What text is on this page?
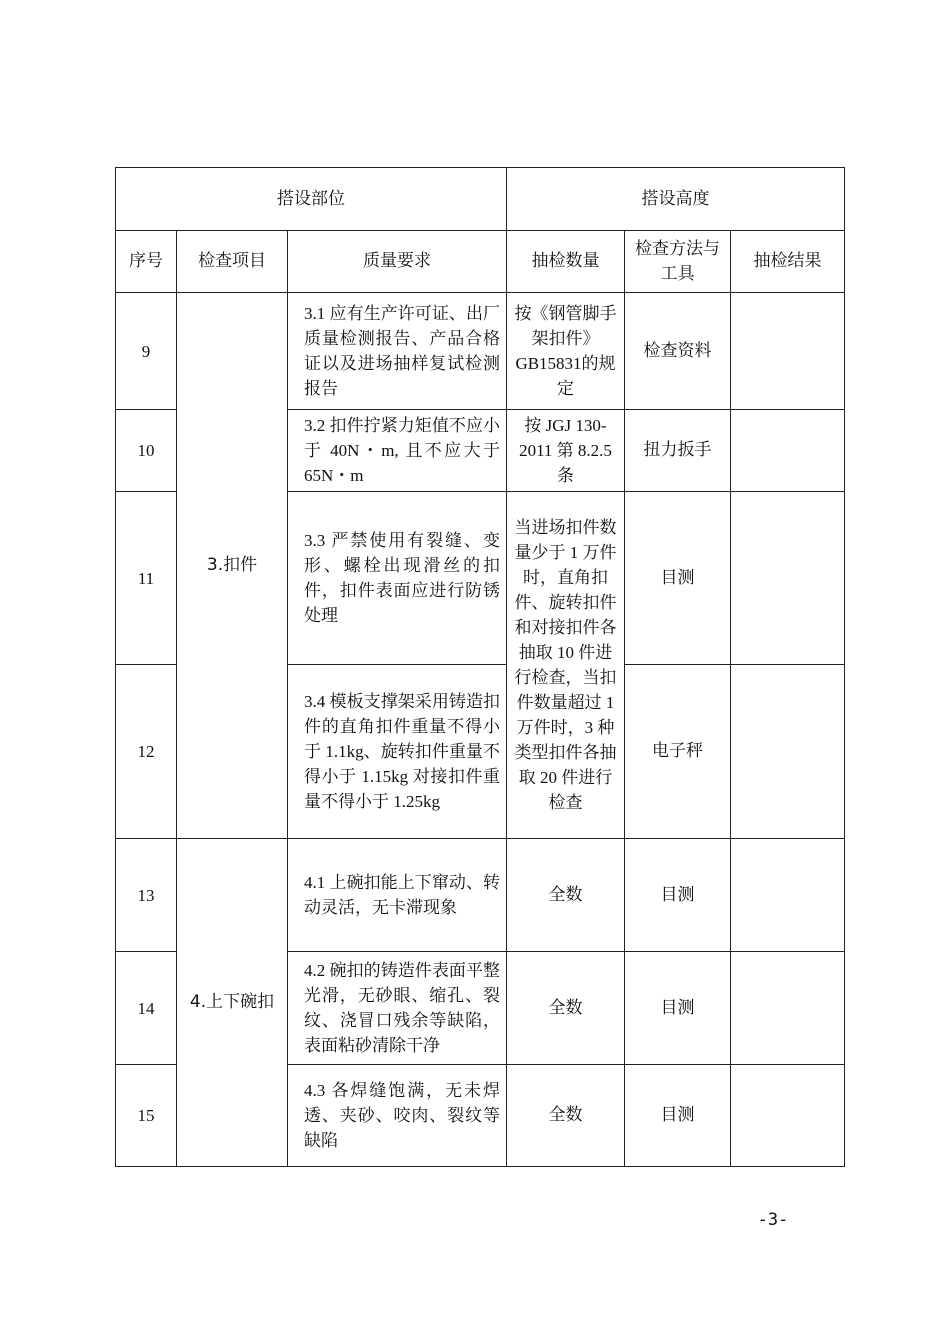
搭设部位			搭设高度		
序号	检查项目	质量要求	抽检数量	检查方法与工具	抽检结果
9	3.扣件	3.1 应有生产许可证、出厂质量检测报告、产品合格证以及进场抽样复试检测报告	按《钢管脚手架扣件》GB15831的规定	检查资料	
10		3.2 扣件拧紧力矩值不应小于 40N・m, 且不应大于 65N・m	按 JGJ 130-2011 第 8.2.5 条	扭力扳手	
11		3.3 严禁使用有裂缝、变形、螺栓出现滑丝的扣件，扣件表面应进行防锈处理	当进场扣件数量少于 1 万件时，直角扣件、旋转扣件和对接扣件各抽取 10 件进行检查，当扣件数量超过 1 万件时，3 种类型扣件各抽取 20 件进行检查	目测	
12		3.4 模板支撑架采用铸造扣件的直角扣件重量不得小于 1.1kg、旋转扣件重量不得小于 1.15kg 对接扣件重量不得小于 1.25kg		电子秤	
13	4.上下碗扣	4.1 上碗扣能上下窜动、转动灵活，无卡滞现象	全数	目测	
14		4.2 碗扣的铸造件表面平整光滑，无砂眼、缩孔、裂纹、浇冒口残余等缺陷，表面粘砂清除干净	全数	目测	
15		4.3 各焊缝饱满，无未焊透、夹砂、咬肉、裂纹等缺陷	全数	目测	
-3-
